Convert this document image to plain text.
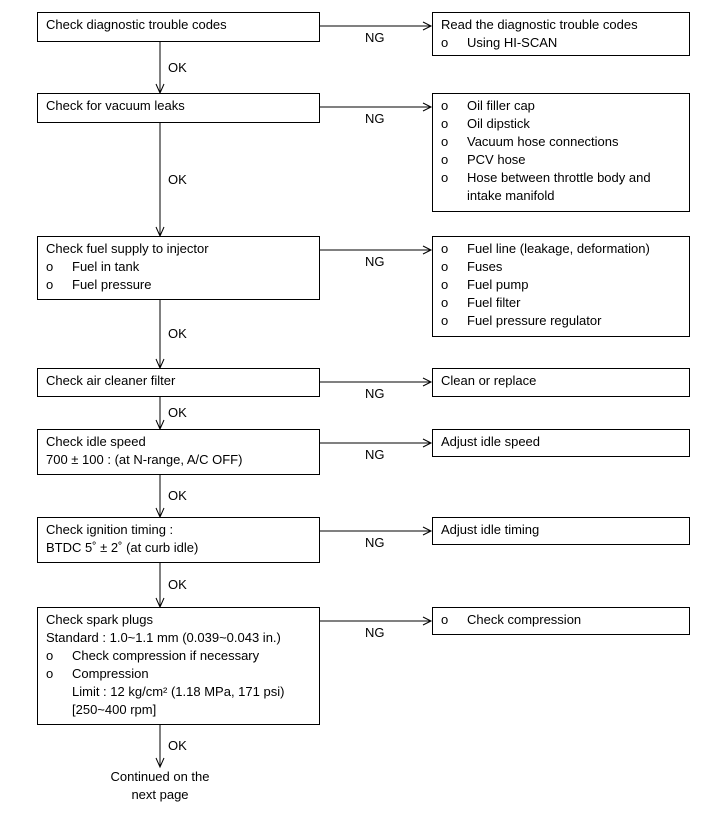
Continued on the
next page
Check diagnostic trouble codes	Read the diagnostic trouble codes
o	Using HI-SCAN
NG
OK
Check for vacuum leaks	o	Oil filler cap
o	Oil dipstick
o	Vacuum hose connections
o	PCV hose
o	Hose between throttle body and
intake manifold
NG
OK
Check fuel supply to injector
o	Fuel in tank
o	Fuel pressure
o	Fuel line (leakage, deformation)
o	Fuses
o	Fuel pump
o	Fuel filter
o	Fuel pressure regulator
NG
OK
Check air cleaner filter	Clean or replace
NG
OK
Check idle speed
700 ± 100 : (at N-range, A/C OFF)
Adjust idle speed
NG
OK
Check ignition timing :
BTDC 5˚ ± 2˚ (at curb idle)
Adjust idle timing
NG
OK
Check spark plugs
Standard : 1.0~1.1 mm (0.039~0.043 in.)
o	Check compression if necessary
o	Compression
Limit : 12 kg/cm² (1.18 MPa, 171 psi)
[250~400 rpm]
o	Check compression
NG
OK
